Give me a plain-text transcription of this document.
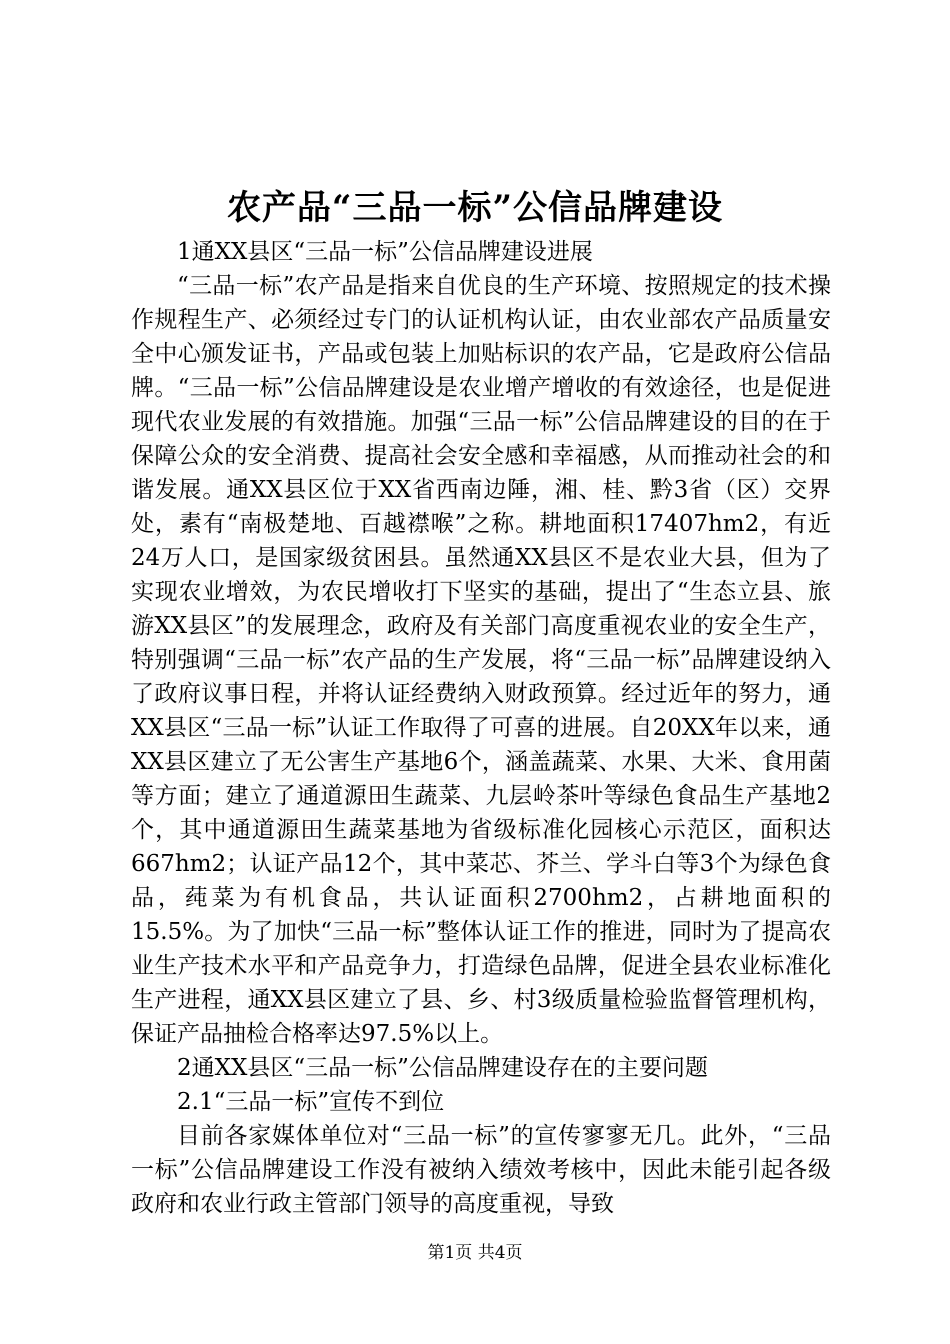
农产品“三品一标”公信品牌建设

1通XX县区“三品一标”公信品牌建设进展

“三品一标”农产品是指来自优良的生产环境、按照规定的技术操作规程生产、必须经过专门的认证机构认证，由农业部农产品质量安全中心颁发证书，产品或包装上加贴标识的农产品，它是政府公信品牌。“三品一标”公信品牌建设是农业增产增收的有效途径，也是促进现代农业发展的有效措施。加强“三品一标”公信品牌建设的目的在于保障公众的安全消费、提高社会安全感和幸福感，从而推动社会的和谐发展。通XX县区位于XX省西南边陲，湘、桂、黔3省（区）交界处，素有“南极楚地、百越襟喉”之称。耕地面积17407hm2，有近24万人口，是国家级贫困县。虽然通XX县区不是农业大县，但为了实现农业增效，为农民增收打下坚实的基础，提出了“生态立县、旅游XX县区”的发展理念，政府及有关部门高度重视农业的安全生产，特别强调“三品一标”农产品的生产发展，将“三品一标”品牌建设纳入了政府议事日程，并将认证经费纳入财政预算。经过近年的努力，通XX县区“三品一标”认证工作取得了可喜的进展。自20XX年以来，通XX县区建立了无公害生产基地6个，涵盖蔬菜、水果、大米、食用菌等方面；建立了通道源田生蔬菜、九层岭茶叶等绿色食品生产基地2个，其中通道源田生蔬菜基地为省级标准化园核心示范区，面积达667hm2；认证产品12个，其中菜芯、芥兰、学斗白等3个为绿色食品，莼菜为有机食品，共认证面积2700hm2，占耕地面积的15.5%。为了加快“三品一标”整体认证工作的推进，同时为了提高农业生产技术水平和产品竞争力，打造绿色品牌，促进全县农业标准化生产进程，通XX县区建立了县、乡、村3级质量检验监督管理机构，保证产品抽检合格率达97.5%以上。

2通XX县区“三品一标”公信品牌建设存在的主要问题

2.1“三品一标”宣传不到位

目前各家媒体单位对“三品一标”的宣传寥寥无几。此外，“三品一标”公信品牌建设工作没有被纳入绩效考核中，因此未能引起各级政府和农业行政主管部门领导的高度重视，导致

第1页 共4页
